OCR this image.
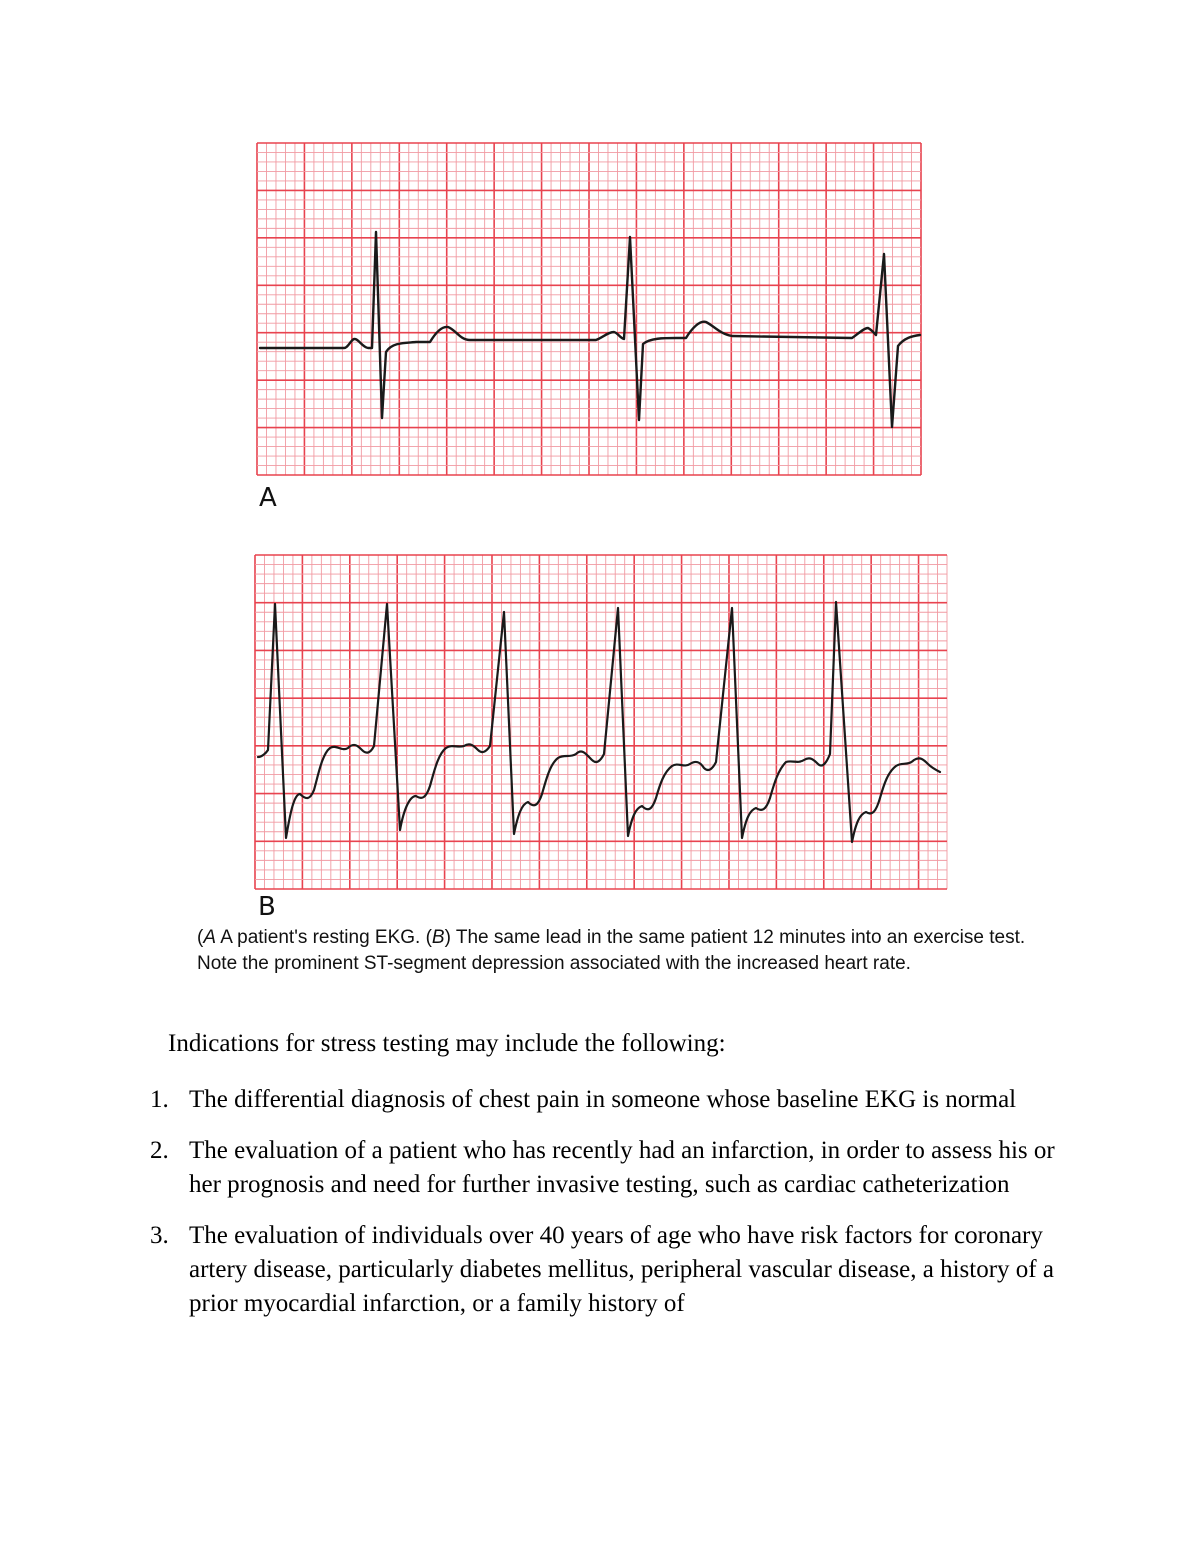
A
B

(A A patient's resting EKG. (B) The same lead in the same patient 12 minutes into an exercise test. Note the prominent ST-segment depression associated with the increased heart rate.

Indications for stress testing may include the following:

1. The differential diagnosis of chest pain in someone whose baseline EKG is normal
2. The evaluation of a patient who has recently had an infarction, in order to assess his or her prognosis and need for further invasive testing, such as cardiac catheterization
3. The evaluation of individuals over 40 years of age who have risk factors for coronary artery disease, particularly diabetes mellitus, peripheral vascular disease, a history of a prior myocardial infarction, or a family history of
